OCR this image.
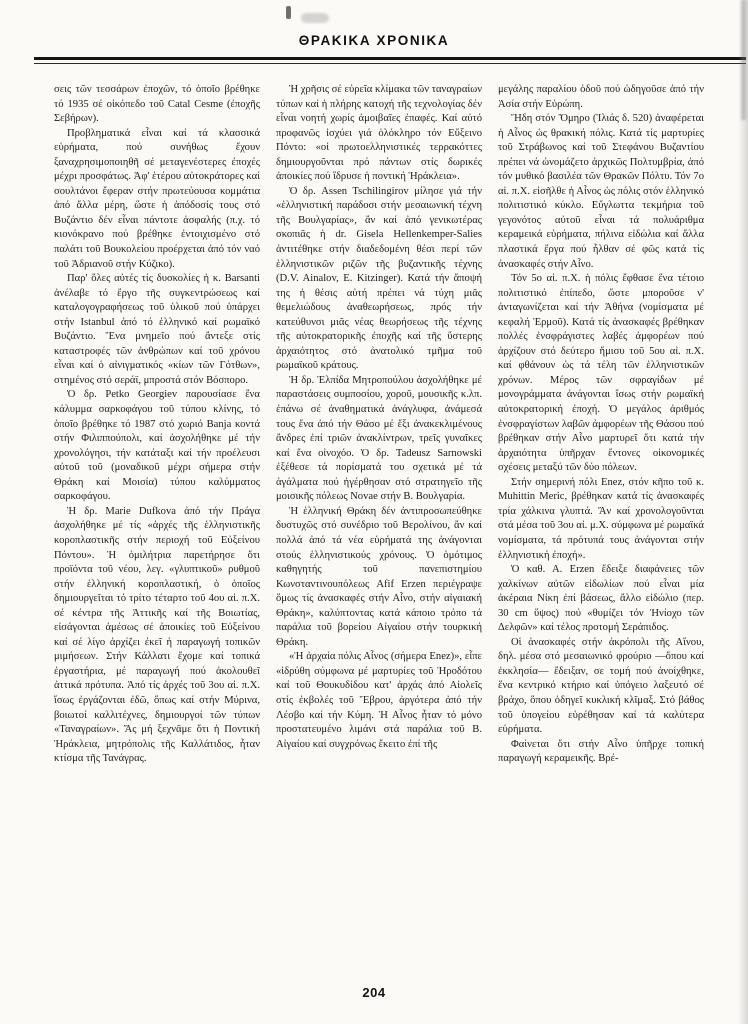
ΘΡΑΚΙΚΑ ΧΡΟΝΙΚΑ

σεις τῶν τεσσάρων ἐποχῶν, τό ὁποῖο βρέθηκε τό 1935 σέ οἰκόπεδο τοῦ Catal Cesme (ἐποχῆς Σεβήρων).

Προβληματικά εἶναι καί τά κλασσικά εὑρήματα, πού συνήθως ἔχουν ξαναχρησιμοποιηθῆ σέ μεταγενέστερες ἐποχές μέχρι προσφάτως. Ἀφ' ἑτέρου αὐτοκράτορες καί σουλτάνοι ἔφεραν στήν πρωτεύουσα κομμάτια ἀπό ἄλλα μέρη, ὥστε ἡ ἀπόδοσίς τους στό Βυζάντιο δέν εἶναι πάντοτε ἀσφαλής (π.χ. τό κιονόκρανο πού βρέθηκε ἐντοιχισμένο στό παλάτι τοῦ Βουκολείου προέρχεται ἀπό τόν ναό τοῦ Ἀδριανοῦ στήν Κύζικο).

Παρ' ὅλες αὐτές τίς δυσκολίες ἡ κ. Barsanti ἀνέλαβε τό ἔργο τῆς συγκεντρώσεως καί καταλογογραφήσεως τοῦ ὑλικοῦ πού ὑπάρχει στήν Istanbul ἀπό τό ἑλληνικό καί ρωμαϊκό Βυζάντιο. Ἕνα μνημεῖο πού ἄντεξε στίς καταστροφές τῶν ἀνθρώπων καί τοῦ χρόνου εἶναι καί ὁ αἰνιγματικός «κίων τῶν Γότθων», στημένος στό σεράϊ, μπροστά στόν Βόσπορο.

Ὁ δρ. Petko Georgiev παρουσίασε ἕνα κάλυμμα σαρκοφάγου τοῦ τύπου κλίνης, τό ὁποῖο βρέθηκε τό 1987 στό χωριό Banja κοντά στήν Φιλιππούπολι, καί ἀσχολήθηκε μέ τήν χρονολόγησι, τήν κατάταξι καί τήν προέλευσι αὐτοῦ τοῦ (μοναδικοῦ μέχρι σήμερα στήν Θράκη καί Μοισία) τύπου καλύμματος σαρκοφάγου.

Ἡ δρ. Marie Dufkova ἀπό τήν Πράγα ἀσχολήθηκε μέ τίς «ἀρχές τῆς ἑλληνιστικῆς κοροπλαστικῆς στήν περιοχή τοῦ Εὐξείνου Πόντου». Ἡ ὁμιλήτρια παρετήρησε ὅτι προϊόντα τοῦ νέου, λεγ. «γλυπτικοῦ» ρυθμοῦ στήν ἑλληνική κοροπλαστική, ὁ ὁποῖος δημιουργεῖται τό τρίτο τέταρτο τοῦ 4ου αἰ. π.Χ. σέ κέντρα τῆς Ἀττικῆς καί τῆς Βοιωτίας, εἰσάγονται ἀμέσως σέ ἀποικίες τοῦ Εὐξείνου καί σέ λίγο ἀρχίζει ἐκεῖ ἡ παραγωγή τοπικῶν μιμήσεων. Στήν Κάλλατι ἔχομε καί τοπικά ἐργαστήρια, μέ παραγωγή πού ἀκολουθεῖ ἀττικά πρότυπα. Ἀπό τίς ἀρχές τοῦ 3ου αἰ. π.Χ. ἴσως ἐργάζονται ἐδῶ, ὅπως καί στήν Μύρινα, βοιωτοί καλλιτέχνες, δημιουργοί τῶν τύπων «Ταναγραίων». Ἄς μή ξεχνᾶμε ὅτι ἡ Ποντική Ἡράκλεια, μητρόπολις τῆς Καλλάτιδος, ἦταν κτίσμα τῆς Τανάγρας.

Ἡ χρῆσις σέ εὐρεῖα κλίμακα τῶν ταναγραίων τύπων καί ἡ πλήρης κατοχή τῆς τεχνολογίας δέν εἶναι νοητή χωρίς ἀμοιβαῖες ἐπαφές. Καί αὐτό προφανῶς ἰσχύει γιά ὁλόκληρο τόν Εὔξεινο Πόντο: «οἱ πρωτοελληνιστικές τερρακόττες δημιουργοῦνται πρό πάντων στίς δωρικές ἀποικίες πού ἵδρυσε ἡ ποντική Ἡράκλεια».

Ὁ δρ. Assen Tschilingirov μίλησε γιά τήν «ἑλληνιστική παράδοσι στήν μεσαιωνική τέχνη τῆς Βουλγαρίας», ἄν καί ἀπό γενικωτέρας σκοπιᾶς ἡ dr. Gisela Hellenkemper-Salies ἀντιτέθηκε στήν διαδεδομένη θέσι περί τῶν ἑλληνιστικῶν ριζῶν τῆς βυζαντικῆς τέχνης (D.V. Ainalov, E. Kitzinger). Κατά τήν ἄποψή της ἡ θέσις αὐτή πρέπει νά τύχη μιᾶς θεμελιώδους ἀναθεωρήσεως, πρός τήν κατεύθυνσι μιᾶς νέας θεωρήσεως τῆς τέχνης τῆς αὐτοκρατορικῆς ἐποχῆς καί τῆς ὕστερης ἀρχαιότητος στό ἀνατολικό τμῆμα τοῦ ρωμαϊκοῦ κράτους.

Ἡ δρ. Ἐλπίδα Μητροπούλου ἀσχολήθηκε μέ παραστάσεις συμποσίου, χοροῦ, μουσικῆς κ.λπ. ἐπάνω σέ ἀναθηματικά ἀνάγλυφα, ἀνάμεσά τους ἕνα ἀπό τήν Θάσο μέ ἕξι ἀνακεκλιμένους ἄνδρες ἐπί τριῶν ἀνακλίντρων, τρεῖς γυναῖκες καί ἕνα οἰνοχόο. Ὁ δρ. Tadeusz Sarnowski ἐξέθεσε τά πορίσματά του σχετικά μέ τά ἀγάλματα πού ἠγέρθησαν στό στρατηγεῖο τῆς μοισικῆς πόλεως Novae στήν Β. Βουλγαρία.

Ἡ ἑλληνική Θράκη δέν ἀντιπροσωπεύθηκε δυστυχῶς στό συνέδριο τοῦ Βερολίνου, ἄν καί πολλά ἀπό τά νέα εὑρήματά της ἀνάγονται στούς ἑλληνιστικούς χρόνους. Ὁ ὁμότιμος καθηγητής τοῦ πανεπιστημίου Κωνσταντινουπόλεως Afif Erzen περιέγραψε ὅμως τίς ἀνασκαφές στήν Αἶνο, στήν αἰγαιακή Θράκη», καλύπτοντας κατά κάποιο τρόπο τά παράλια τοῦ βορείου Αἰγαίου στήν τουρκική Θράκη.

«Ἡ ἀρχαία πόλις Αἶνος (σήμερα Enez)», εἶπε «ἱδρύθη σύμφωνα μέ μαρτυρίες τοῦ Ἡροδότου καί τοῦ Θουκυδίδου κατ' ἀρχάς ἀπό Αἰολεῖς στίς ἐκβολές τοῦ Ἕβρου, ἀργότερα ἀπό τήν Λέσβο καί τήν Κύμη. Ἡ Αἶνος ἦταν τό μόνο προστατευμένο λιμάνι στά παράλια τοῦ Β. Αἰγαίου καί συγχρόνως ἔκειτο ἐπί τῆς

μεγάλης παραλίου ὁδοῦ πού ὡδηγοῦσε ἀπό τήν Ἀσία στήν Εὐρώπη.

Ἤδη στόν Ὅμηρο (Ἰλιάς δ. 520) ἀναφέρεται ἡ Αἶνος ὡς θρακική πόλις. Κατά τίς μαρτυρίες τοῦ Στράβωνος καί τοῦ Στεφάνου Βυζαντίου πρέπει νά ὠνομάζετο ἀρχικῶς Πολτυμβρία, ἀπό τόν μυθικό βασιλέα τῶν Θρακῶν Πόλτυ. Τόν 7ο αἰ. π.Χ. εἰσῆλθε ἡ Αἶνος ὡς πόλις στόν ἑλληνικό πολιτιστικό κύκλο. Εὔγλωττα τεκμήρια τοῦ γεγονότος αὐτοῦ εἶναι τά πολυάριθμα κεραμεικά εὑρήματα, πήλινα εἰδώλια καί ἄλλα πλαστικά ἔργα πού ἦλθαν σέ φῶς κατά τίς ἀνασκαφές στήν Αἶνο.

Τόν 5ο αἰ. π.Χ. ἡ πόλις ἔφθασε ἕνα τέτοιο πολιτιστικό ἐπίπεδο, ὥστε μποροῦσε ν' ἀνταγωνίζεται καί τήν Ἀθήνα (νομίσματα μέ κεφαλή Ἑρμοῦ). Κατά τίς ἀνασκαφές βρέθηκαν πολλές ἐνσφράγιστες λαβές ἀμφορέων πού ἀρχίζουν στό δεύτερο ἥμισυ τοῦ 5ου αἰ. π.Χ. καί φθάνουν ὡς τά τέλη τῶν ἑλληνιστικῶν χρόνων. Μέρος τῶν σφραγίδων μέ μονογράμματα ἀνάγονται ἴσως στήν ρωμαϊκή αὐτοκρατορική ἐποχή. Ὁ μεγάλος ἀριθμός ἐνσφραγίστων λαβῶν ἀμφορέων τῆς Θάσου πού βρέθηκαν στήν Αἶνο μαρτυρεῖ ὅτι κατά τήν ἀρχαιότητα ὑπῆρχαν ἔντονες οἰκονομικές σχέσεις μεταξύ τῶν δύο πόλεων.

Στήν σημερινή πόλι Enez, στόν κῆπο τοῦ κ. Muhittin Meric, βρέθηκαν κατά τίς ἀνασκαφές τρία χάλκινα γλυπτά. Ἄν καί χρονολογοῦνται στά μέσα τοῦ 3ου αἰ. μ.Χ. σύμφωνα μέ ρωμαϊκά νομίσματα, τά πρότυπά τους ἀνάγονται στήν ἑλληνιστική ἐποχή».

Ὁ καθ. Α. Erzen ἔδειξε διαφάνειες τῶν χαλκίνων αὐτῶν εἰδωλίων πού εἶναι μία ἀκέραια Νίκη ἐπί βάσεως, ἄλλο εἰδώλιο (περ. 30 cm ὕψος) πού «θυμίζει τόν Ἡνίοχο τῶν Δελφῶν» καί τέλος προτομή Σεράπιδος.

Οἱ ἀνασκαφές στήν ἀκρόπολι τῆς Αἴνου, δηλ. μέσα στό μεσαιωνικό φρούριο —ὅπου καί ἐκκλησία— ἔδειξαν, σε τομή πού ἀνοίχθηκε, ἕνα κεντρικό κτήριο καί ὑπόγειο λαξευτό σέ βράχο, ὅπου ὁδηγεῖ κυκλική κλῖμαξ. Στό βάθος τοῦ ὑπογείου εὑρέθησαν καί τά καλύτερα εὑρήματα.

Φαίνεται ὅτι στήν Αἶνο ὑπῆρχε τοπική παραγωγή κεραμεικῆς. Βρέ-

204
